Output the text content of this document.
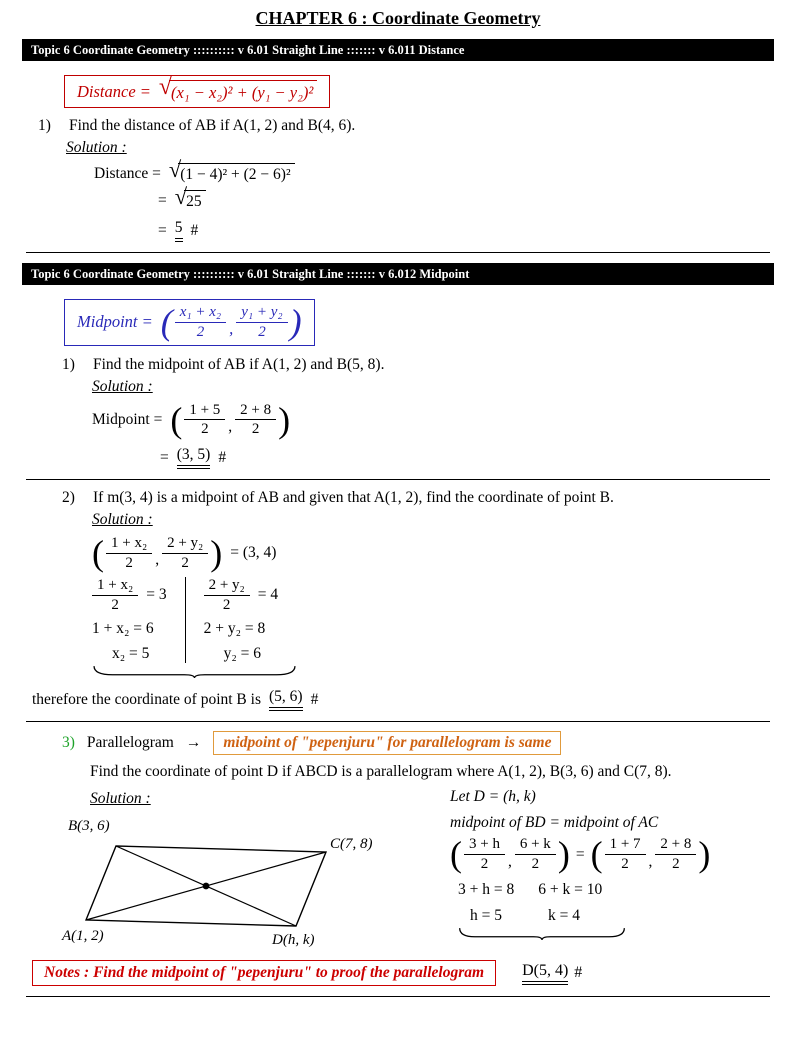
CHAPTER 6 : Coordinate Geometry
Topic 6 Coordinate Geometry :::::::::: v 6.01 Straight Line ::::::: v 6.011 Distance
Distance = √ (x₁ − x₂)² + (y₁ − y₂)²
1) Find the distance of AB if A(1, 2) and B(4, 6).
Solution :
Distance = √ (1 − 4)² + (2 − 6)²
= √ 25
= 5 #
Topic 6 Coordinate Geometry :::::::::: v 6.01 Straight Line ::::::: v 6.012 Midpoint
Midpoint = ( $\frac{\text{x₁ + x₂}}{2}$ , $\frac{\text{y₁ + y₂}}{2}$ )
1) Find the midpoint of AB if A(1, 2) and B(5, 8).
Solution :
Midpoint = ( $\frac{1 + 5}{2}$ , $\frac{2 + 8}{2}$ )
= (3, 5) #
2) If m(3, 4) is a midpoint of AB and given that A(1, 2), find the coordinate of point B.
Solution :
( $\frac{\text{1 + x₂}}{2}$ , $\frac{\text{2 + y₂}}{2}$ ) = (3, 4)
$\frac{\text{1 + x₂}}{2} = 3$
1 + x₂ = 6
x₂ = 5
$\frac{\text{2 + y₂}}{2} = 4$
2 + y₂ = 8
y₂ = 6
therefore the coordinate of point B is (5, 6) #
3) Parallelogram →	midpoint of "pepenjuru" for parallelogram is same
Find the coordinate of point D if ABCD is a parallelogram where A(1, 2), B(3, 6) and C(7, 8).
Solution :
B(3, 6)
C(7, 8)
A(1, 2)	D(h, k)
Let D = (h, k)
midpoint of BD = midpoint of AC
( $\frac{3 + h}{2}$ , $\frac{6 + k}{2}$ ) = ( $\frac{1 + 7}{2}$ , $\frac{2 + 8}{2}$ )
3 + h = 8 6 + k = 10
h = 5	k = 4
Notes : Find the midpoint of "pepenjuru" to proof the parallelogram	D(5, 4) #
